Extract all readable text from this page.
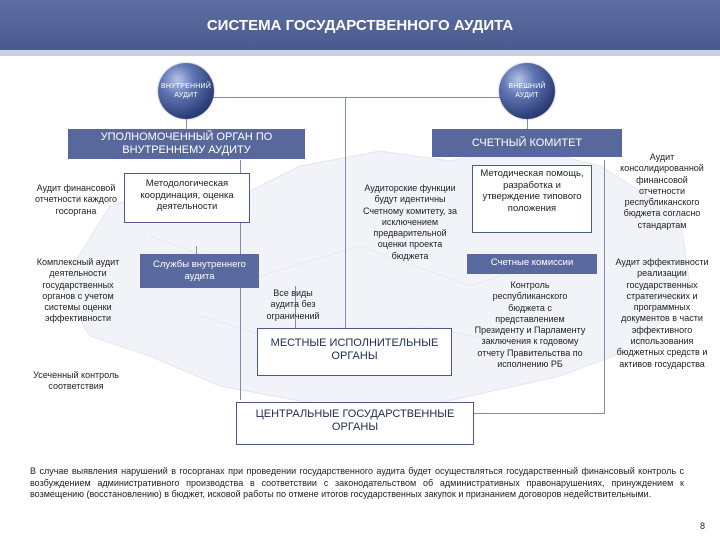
СИСТЕМА ГОСУДАРСТВЕННОГО АУДИТА
ВНУТРЕННИЙ АУДИТ
ВНЕШНИЙ АУДИТ
УПОЛНОМОЧЕННЫЙ ОРГАН ПО ВНУТРЕННЕМУ АУДИТУ
СЧЕТНЫЙ КОМИТЕТ
Аудит финансовой отчетности каждого госоргана
Комплексный аудит деятельности государственных органов с учетом системы оценки эффективности
Усеченный контроль соответствия
Методологическая координация, оценка деятельности
Службы внутреннего аудита
Все виды аудита без ограничений
Аудиторские функции будут идентичны Счетному комитету, за исключением предварительной оценки проекта бюджета
Методическая помощь, разработка и утверждение типового положения
Счетные комиссии
Контроль республиканского бюджета с представлением Президенту и Парламенту заключения к годовому отчету Правительства по исполнению РБ
Аудит консолидированной финансовой отчетности республиканского бюджета согласно стандартам
Аудит эффективности реализации государственных стратегических и программных документов в части эффективного использования бюджетных средств и активов государства
МЕСТНЫЕ ИСПОЛНИТЕЛЬНЫЕ ОРГАНЫ
ЦЕНТРАЛЬНЫЕ ГОСУДАРСТВЕННЫЕ ОРГАНЫ
В случае выявления нарушений в госорганах при проведении государственного аудита будет осуществляться государственный финансовый контроль с возбуждением административного производства в соответствии с законодательством об административных правонарушениях, принуждением к возмещению (восстановлению) в бюджет, исковой работы по отмене итогов государственных закупок и признанием договоров недействительными.
8
